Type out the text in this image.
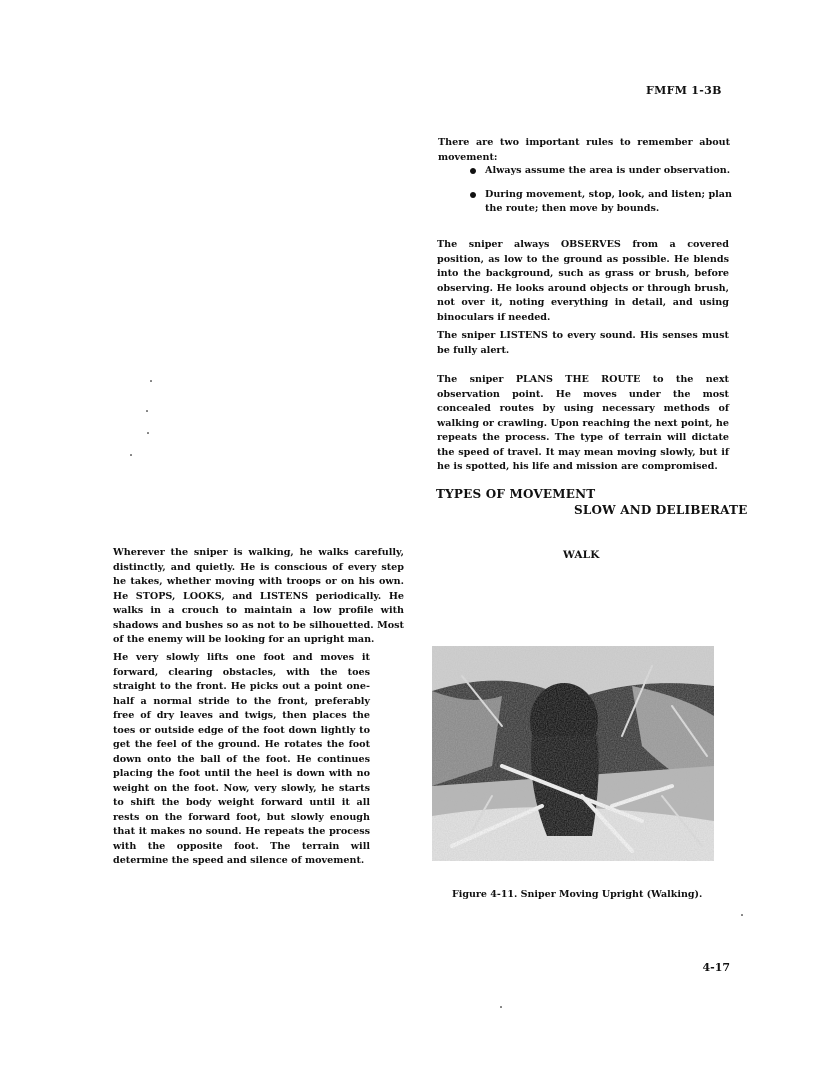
FMFM 1-3B
There are two important rules to remember about movement:
Always assume the area is under observation.
During movement, stop, look, and listen; plan the route; then move by bounds.
The sniper always OBSERVES from a covered position, as low to the ground as possible. He blends into the background, such as grass or brush, before observing. He looks around objects or through brush, not over it, noting everything in detail, and using binoculars if needed.
The sniper LISTENS to every sound. His senses must be fully alert.
The sniper PLANS THE ROUTE to the next observation point. He moves under the most concealed routes by using necessary methods of walking or crawling. Upon reaching the next point, he repeats the process. The type of terrain will dictate the speed of travel. It may mean moving slowly, but if he is spotted, his life and mission are compromised.
TYPES OF MOVEMENT
SLOW AND DELIBERATE
WALK
Wherever the sniper is walking, he walks carefully, distinctly, and quietly. He is conscious of every step he takes, whether moving with troops or on his own. He STOPS, LOOKS, and LISTENS periodically. He walks in a crouch to maintain a low profile with shadows and bushes so as not to be silhouetted. Most of the enemy will be looking for an upright man.
He very slowly lifts one foot and moves it forward, clearing obstacles, with the toes straight to the front. He picks out a point one-half a normal stride to the front, preferably free of dry leaves and twigs, then places the toes or outside edge of the foot down lightly to get the feel of the ground. He rotates the foot down onto the ball of the foot. He continues placing the foot until the heel is down with no weight on the foot. Now, very slowly, he starts to shift the body weight forward until it all rests on the forward foot, but slowly enough that it makes no sound. He repeats the process with the opposite foot. The terrain will determine the speed and silence of movement.
Figure 4-11. Sniper Moving Upright (Walking).
4-17
